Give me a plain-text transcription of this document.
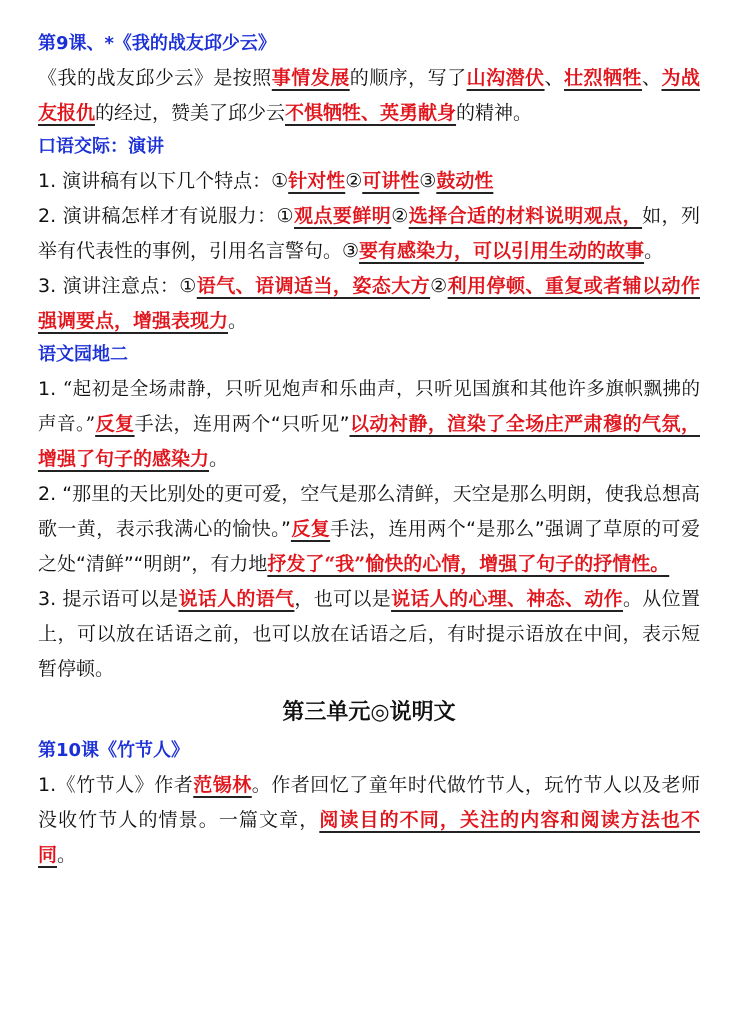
第9课、*《我的战友邱少云》

《我的战友邱少云》是按照事情发展的顺序，写了山沟潜伏、壮烈牺牲、为战友报仇的经过，赞美了邱少云不惧牺牲、英勇献身的精神。

口语交际：演讲

1. 演讲稿有以下几个特点：①针对性②可讲性③鼓动性

2. 演讲稿怎样才有说服力：①观点要鲜明②选择合适的材料说明观点，如，列举有代表性的事例，引用名言警句。③要有感染力，可以引用生动的故事。

3. 演讲注意点：①语气、语调适当，姿态大方②利用停顿、重复或者辅以动作强调要点，增强表现力。

语文园地二

1. “起初是全场肃静，只听见炮声和乐曲声，只听见国旗和其他许多旗帜飘拂的声音。”反复手法，连用两个“只听见”以动衬静，渲染了全场庄严肃穆的气氛，增强了句子的感染力。

2. “那里的天比别处的更可爱，空气是那么清鲜，天空是那么明朗，使我总想高歌一黄，表示我满心的愉快。”反复手法，连用两个“是那么”强调了草原的可爱之处“清鲜”“明朗”，有力地抒发了“我”愉快的心情，增强了句子的抒情性。

3. 提示语可以是说话人的语气，也可以是说话人的心理、神态、动作。从位置上，可以放在话语之前，也可以放在话语之后，有时提示语放在中间，表示短暂停顿。

第三单元◎说明文
第10课《竹节人》

1.《竹节人》作者范锡林。作者回忆了童年时代做竹节人，玩竹节人以及老师没收竹节人的情景。一篇文章，阅读目的不同，关注的内容和阅读方法也不同。
